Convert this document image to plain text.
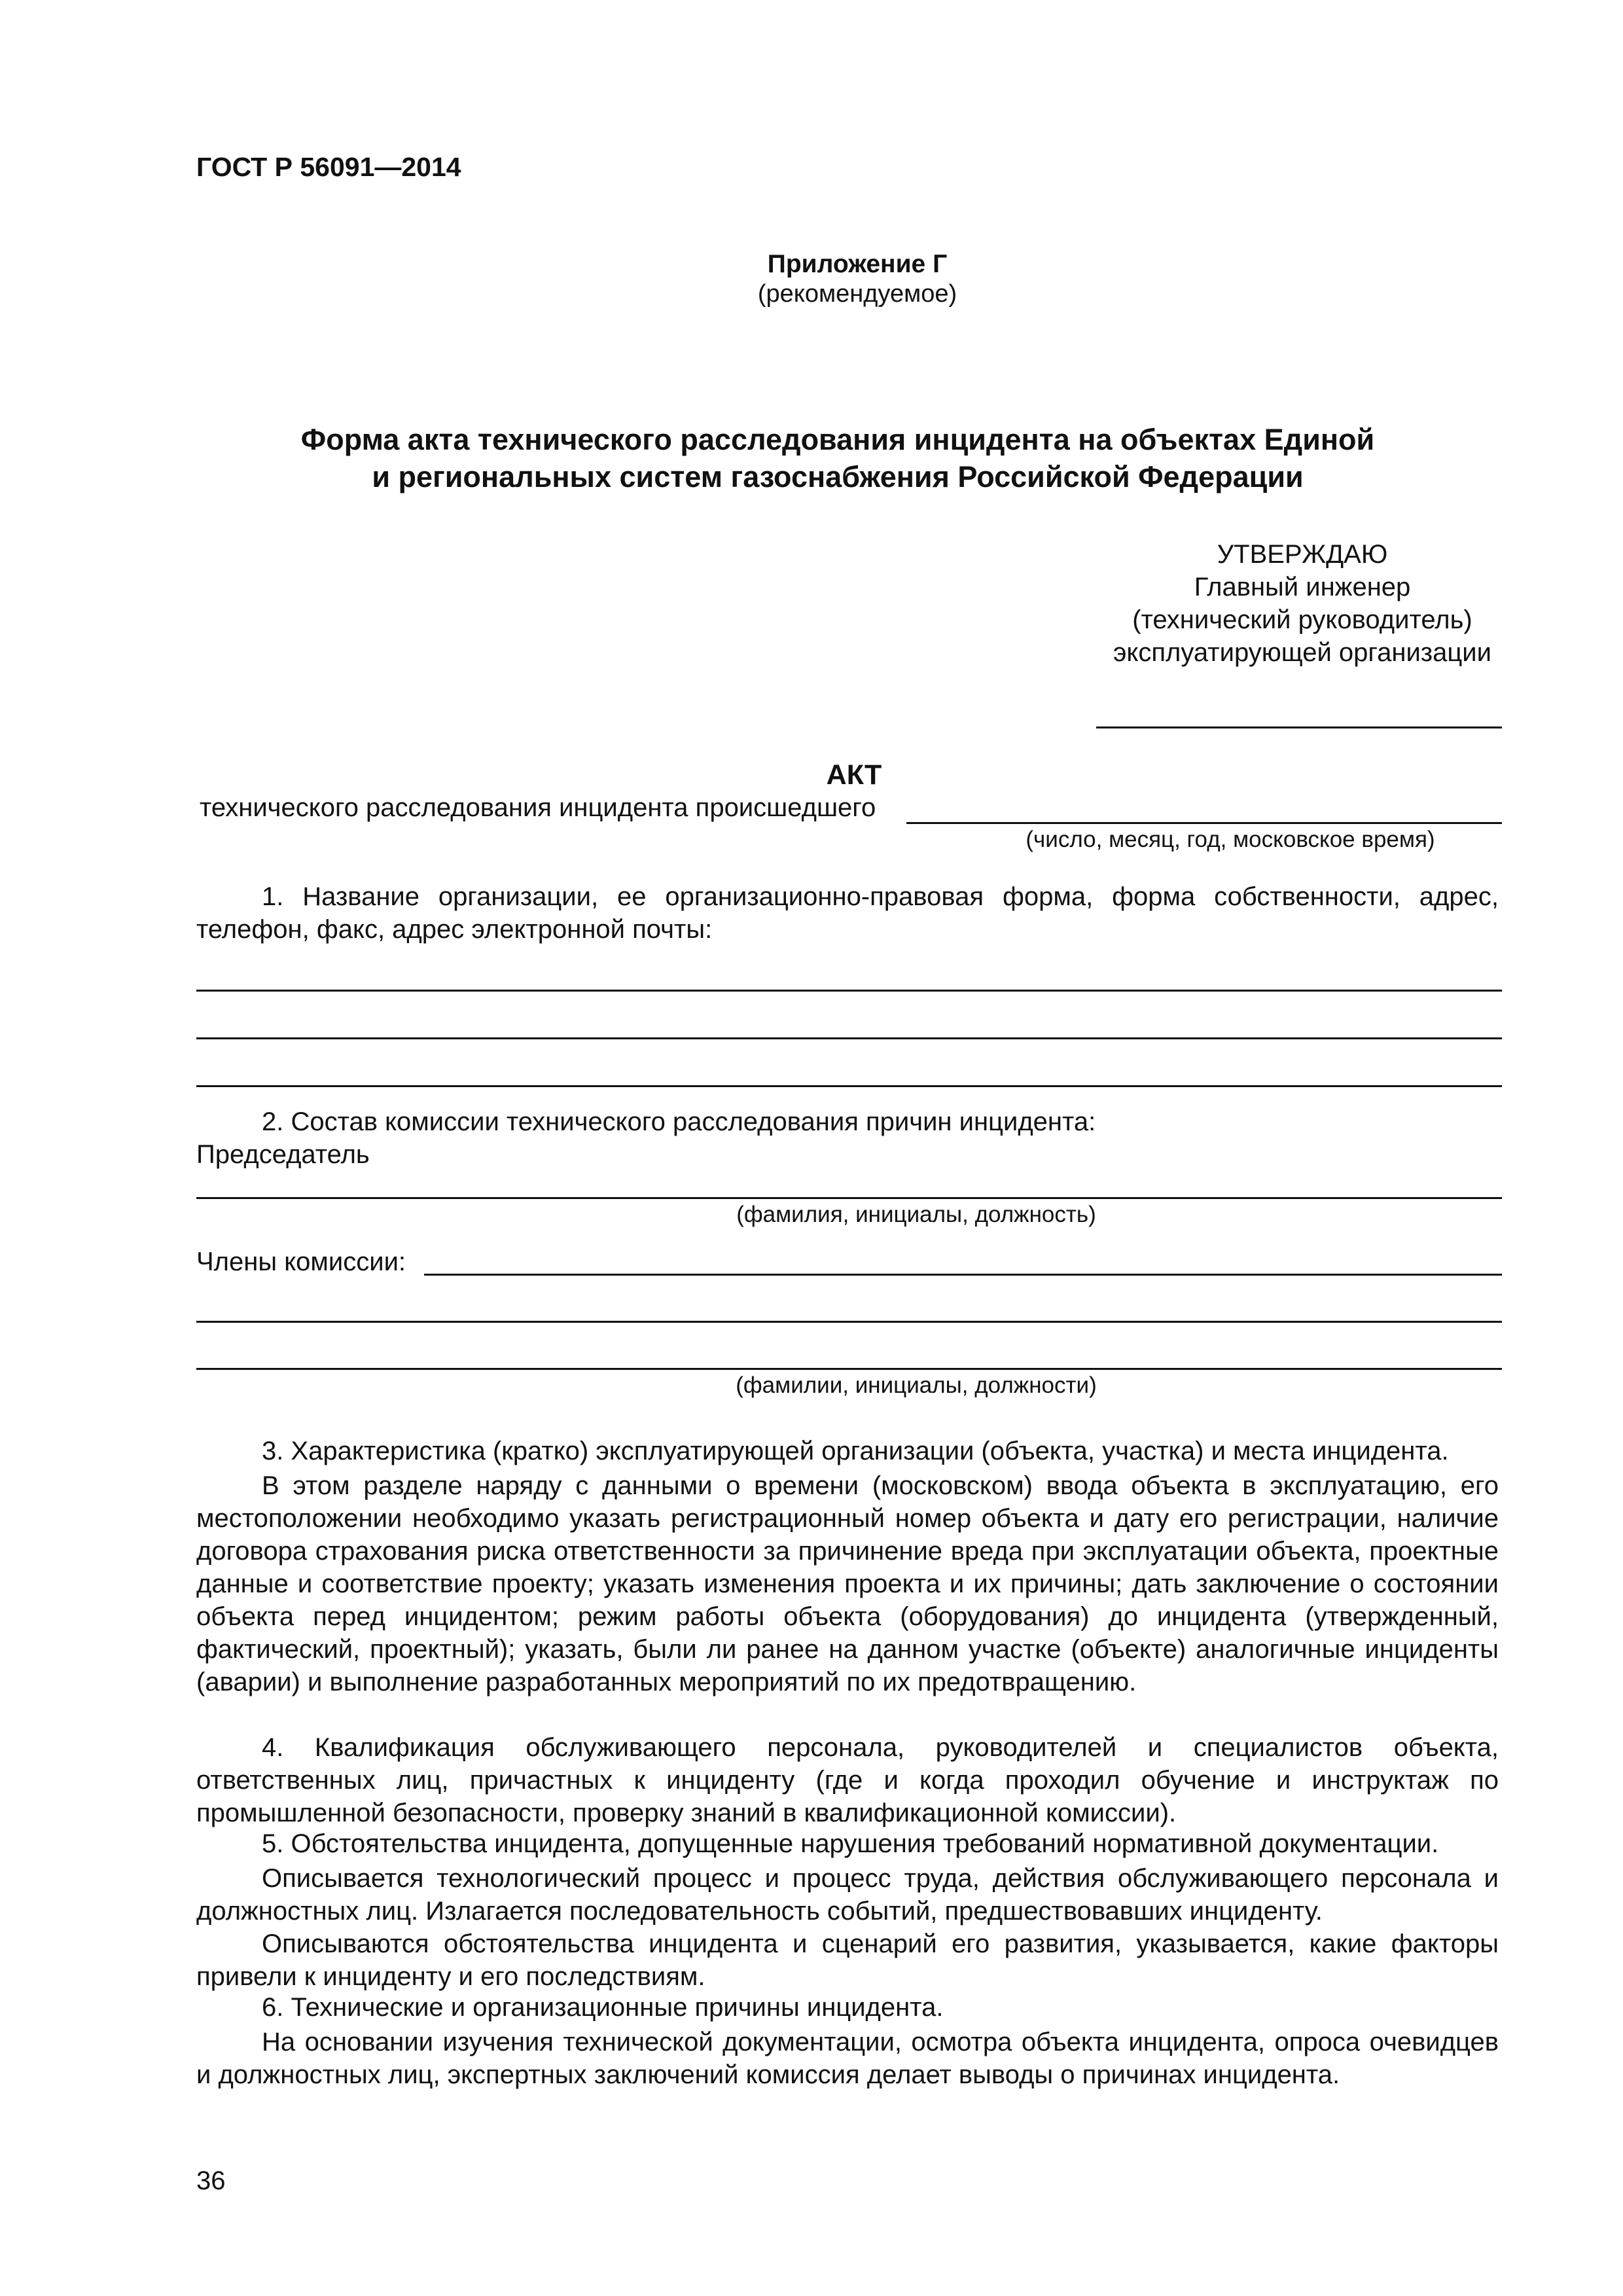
ГОСТ Р 56091—2014
Приложение Г
(рекомендуемое)
Форма акта технического расследования инцидента на объектах Единой
и региональных систем газоснабжения Российской Федерации
УТВЕРЖДАЮ
Главный инженер
(технический руководитель)
эксплуатирующей организации
АКТ
технического расследования инцидента происшедшего
(число, месяц, год, московское время)
1. Название организации, ее организационно-правовая форма, форма собственности, адрес, телефон, факс, адрес электронной почты:
2. Состав комиссии технического расследования причин инцидента:
Председатель
(фамилия, инициалы, должность)
Члены комиссии:
(фамилии, инициалы, должности)
3. Характеристика (кратко) эксплуатирующей организации (объекта, участка) и места инцидента.
В этом разделе наряду с данными о времени (московском) ввода объекта в эксплуатацию, его местоположении необходимо указать регистрационный номер объекта и дату его регистрации, наличие договора страхования риска ответственности за причинение вреда при эксплуатации объекта, проектные данные и соответствие проекту; указать изменения проекта и их причины; дать заключение о состоянии объекта перед инцидентом; режим работы объекта (оборудования) до инцидента (утвержденный, фактический, проектный); указать, были ли ранее на данном участке (объекте) аналогичные инциденты (аварии) и выполнение разработанных мероприятий по их предотвращению.
4. Квалификация обслуживающего персонала, руководителей и специалистов объекта, ответственных лиц, причастных к инциденту (где и когда проходил обучение и инструктаж по промышленной безопасности, проверку знаний в квалификационной комиссии).
5. Обстоятельства инцидента, допущенные нарушения требований нормативной документации.
Описывается технологический процесс и процесс труда, действия обслуживающего персонала и должностных лиц. Излагается последовательность событий, предшествовавших инциденту.
Описываются обстоятельства инцидента и сценарий его развития, указывается, какие факторы привели к инциденту и его последствиям.
6. Технические и организационные причины инцидента.
На основании изучения технической документации, осмотра объекта инцидента, опроса очевидцев и должностных лиц, экспертных заключений комиссия делает выводы о причинах инцидента.
36
